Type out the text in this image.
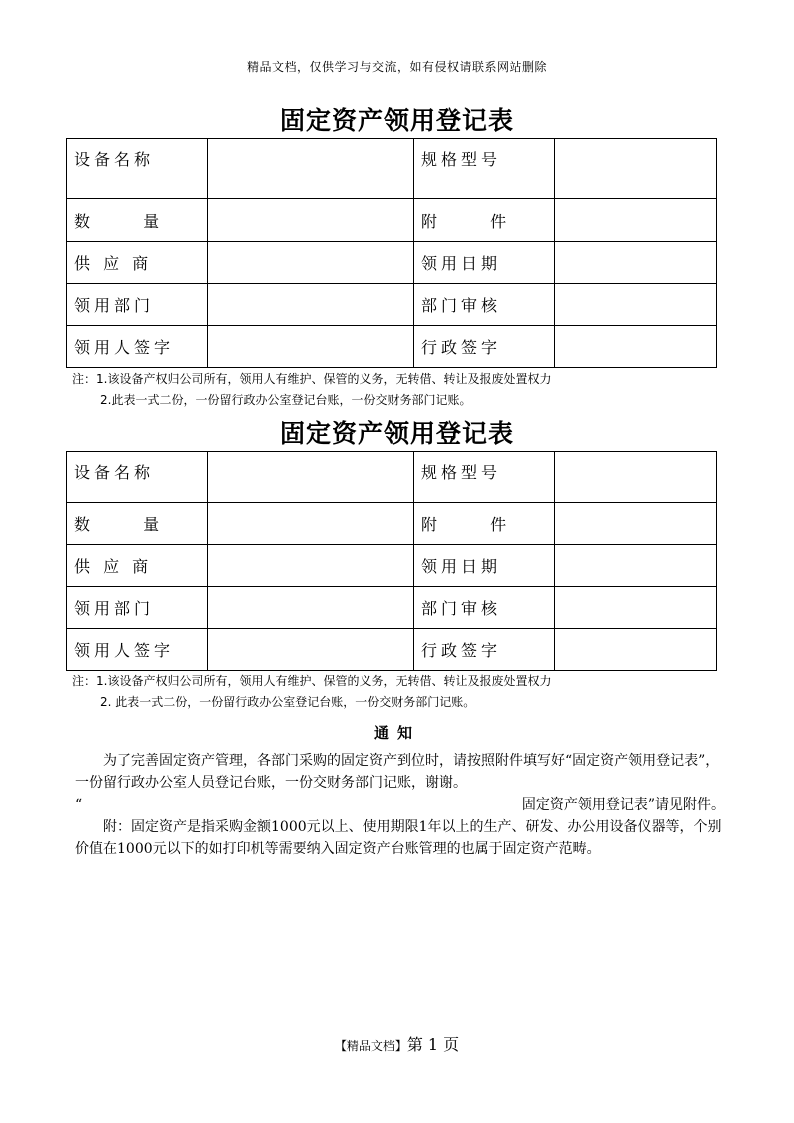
精品文档，仅供学习与交流，如有侵权请联系网站删除
固定资产领用登记表
设备名称		规格型号	
数 量		附 件	
供 应 商		领用日期	
领用部门		部门审核	
领用人签字		行政签字	
注：1.该设备产权归公司所有，领用人有维护、保管的义务，无转借、转让及报废处置权力
2.此表一式二份，一份留行政办公室登记台账，一份交财务部门记账。
固定资产领用登记表
设备名称		规格型号	
数 量		附 件	
供 应 商		领用日期	
领用部门		部门审核	
领用人签字		行政签字	
注：1.该设备产权归公司所有，领用人有维护、保管的义务，无转借、转让及报废处置权力
2. 此表一式二份，一份留行政办公室登记台账，一份交财务部门记账。
通知

为了完善固定资产管理，各部门采购的固定资产到位时，请按照附件填写好“固定资产领用登记表”，一份留行政办公室人员登记台账，一份交财务部门记账，谢谢。

“	固定资产领用登记表”请见附件。

附：固定资产是指采购金额1000元以上、使用期限1年以上的生产、研发、办公用设备仪器等，个别价值在1000元以下的如打印机等需要纳入固定资产台账管理的也属于固定资产范畴。

【精品文档】第 1 页
